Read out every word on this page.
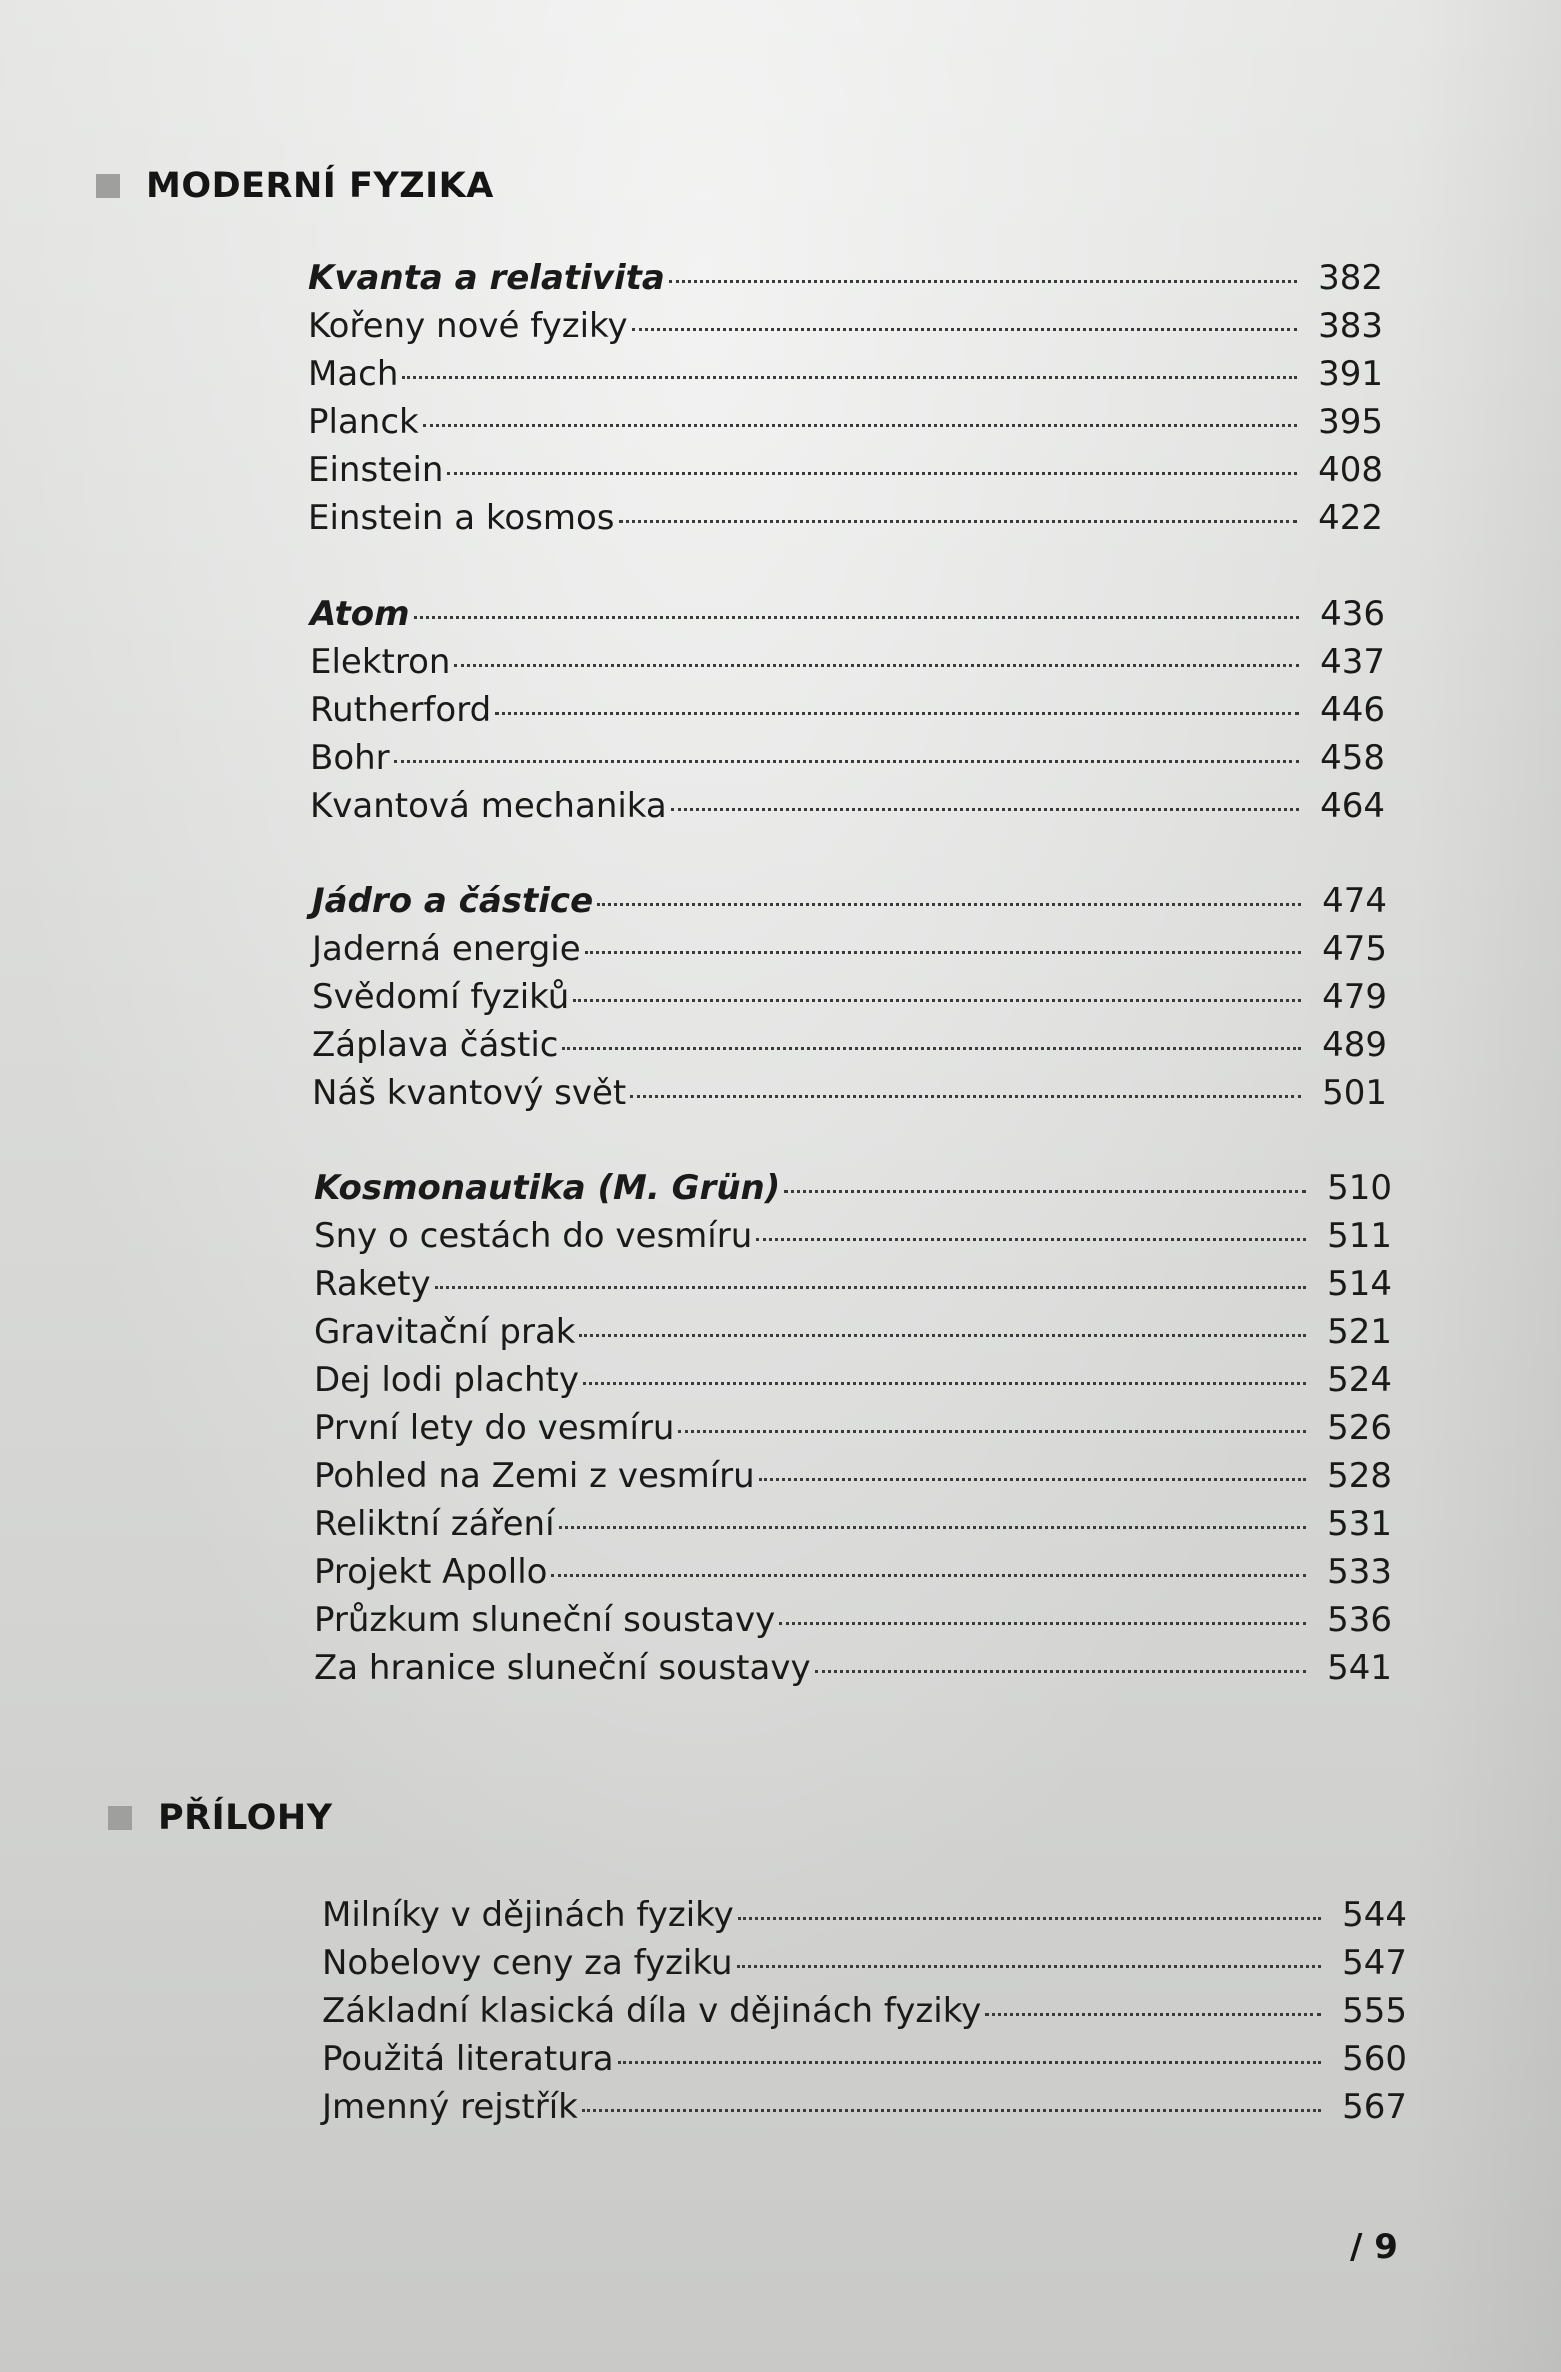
MODERNÍ FYZIKA
Kvanta a relativita	382
Kořeny nové fyziky	383
Mach	391
Planck	395
Einstein	408
Einstein a kosmos	422
Atom	436
Elektron	437
Rutherford	446
Bohr	458
Kvantová mechanika	464
Jádro a částice	474
Jaderná energie	475
Svědomí fyziků	479
Záplava částic	489
Náš kvantový svět	501
Kosmonautika (M. Grün)	510
Sny o cestách do vesmíru	511
Rakety	514
Gravitační prak	521
Dej lodi plachty	524
První lety do vesmíru	526
Pohled na Zemi z vesmíru	528
Reliktní záření	531
Projekt Apollo	533
Průzkum sluneční soustavy	536
Za hranice sluneční soustavy	541
PŘÍLOHY
Milníky v dějinách fyziky	544
Nobelovy ceny za fyziku	547
Základní klasická díla v dějinách fyziky	555
Použitá literatura	560
Jmenný rejstřík	567
/ 9
